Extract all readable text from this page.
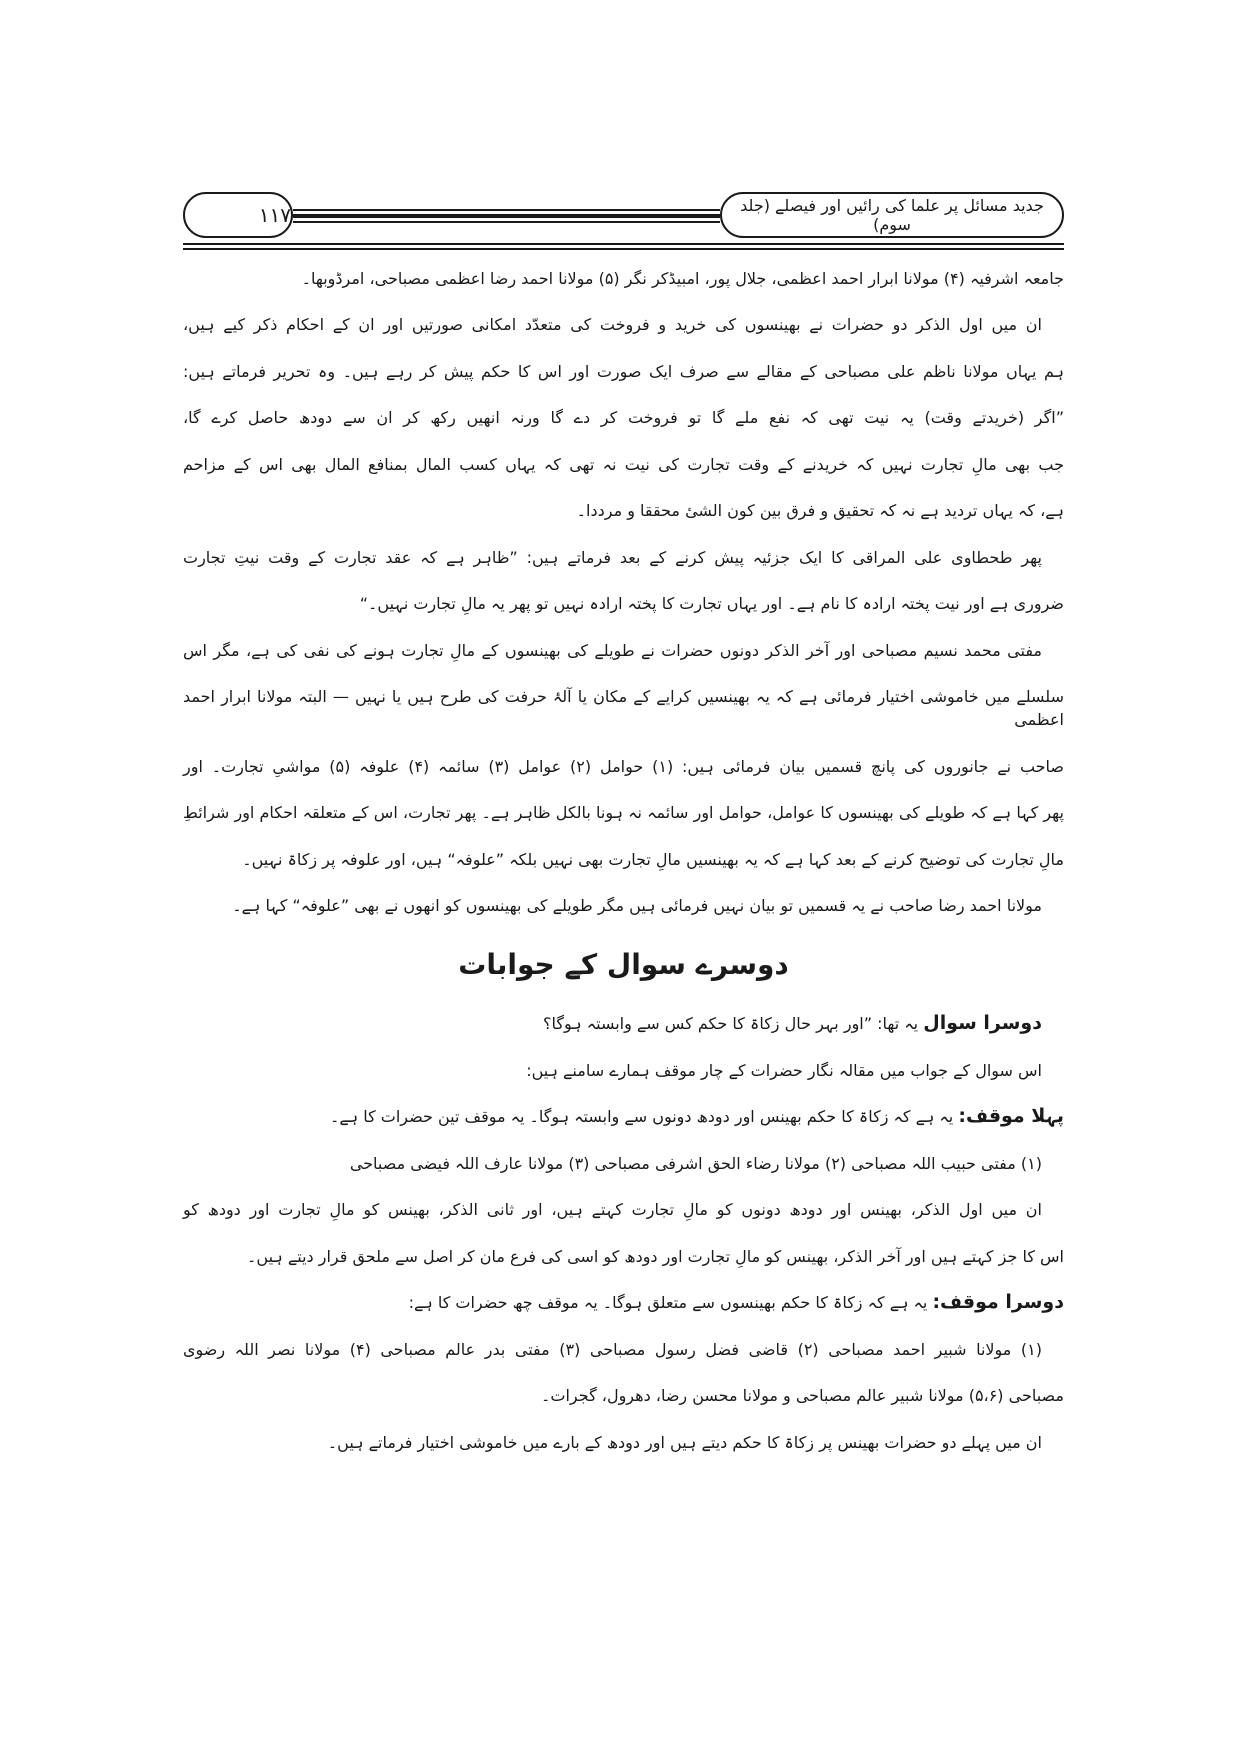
جدید مسائل پر علما کی رائیں اور فیصلے (جلد سوم)
۱۱۷
جامعہ اشرفیہ (۴) مولانا ابرار احمد اعظمی، جلال پور، امبیڈکر نگر (۵) مولانا احمد رضا اعظمی مصباحی، امرڈوبھا۔
ان میں اول الذکر دو حضرات نے بھینسوں کی خرید و فروخت کی متعدّد امکانی صورتیں اور ان کے احکام ذکر کیے ہیں،
ہم یہاں مولانا ناظم علی مصباحی کے مقالے سے صرف ایک صورت اور اس کا حکم پیش کر رہے ہیں۔ وہ تحریر فرماتے ہیں:
”اگر (خریدتے وقت) یہ نیت تھی کہ نفع ملے گا تو فروخت کر دے گا ورنہ انھیں رکھ کر ان سے دودھ حاصل کرے گا،
جب بھی مالِ تجارت نہیں کہ خریدنے کے وقت تجارت کی نیت نہ تھی کہ یہاں کسب المال بمنافع المال بھی اس کے مزاحم
ہے، کہ یہاں تردید ہے نہ کہ تحقیق و فرق بین کون الشیٔ محققا و مرددا۔
پھر طحطاوی علی المراقی کا ایک جزئیہ پیش کرنے کے بعد فرماتے ہیں: ”ظاہر ہے کہ عقد تجارت کے وقت نیتِ تجارت
ضروری ہے اور نیت پختہ ارادہ کا نام ہے۔ اور یہاں تجارت کا پختہ ارادہ نہیں تو پھر یہ مالِ تجارت نہیں۔“
مفتی محمد نسیم مصباحی اور آخر الذکر دونوں حضرات نے طویلے کی بھینسوں کے مالِ تجارت ہونے کی نفی کی ہے، مگر اس
سلسلے میں خاموشی اختیار فرمائی ہے کہ یہ بھینسیں کرایے کے مکان یا آلۂ حرفت کی طرح ہیں یا نہیں — البتہ مولانا ابرار احمد اعظمی
صاحب نے جانوروں کی پانچ قسمیں بیان فرمائی ہیں: (۱) حوامل (۲) عوامل (۳) سائمہ (۴) علوفہ (۵) مواشیِ تجارت۔ اور
پھر کہا ہے کہ طویلے کی بھینسوں کا عوامل، حوامل اور سائمہ نہ ہونا بالکل ظاہر ہے۔ پھر تجارت، اس کے متعلقہ احکام اور شرائطِ
مالِ تجارت کی توضیح کرنے کے بعد کہا ہے کہ یہ بھینسیں مالِ تجارت بھی نہیں بلکہ ”علوفہ“ ہیں، اور علوفہ پر زکاۃ نہیں۔
مولانا احمد رضا صاحب نے یہ قسمیں تو بیان نہیں فرمائی ہیں مگر طویلے کی بھینسوں کو انھوں نے بھی ”علوفہ“ کہا ہے۔
دوسرے سوال کے جوابات
دوسرا سوال یہ تھا: ”اور بہر حال زکاۃ کا حکم کس سے وابستہ ہوگا؟
اس سوال کے جواب میں مقالہ نگار حضرات کے چار موقف ہمارے سامنے ہیں:
پہلا موقف: یہ ہے کہ زکاۃ کا حکم بھینس اور دودھ دونوں سے وابستہ ہوگا۔ یہ موقف تین حضرات کا ہے۔
(۱) مفتی حبیب اللہ مصباحی (۲) مولانا رضاء الحق اشرفی مصباحی (۳) مولانا عارف اللہ فیضی مصباحی
ان میں اول الذکر، بھینس اور دودھ دونوں کو مالِ تجارت کہتے ہیں، اور ثانی الذکر، بھینس کو مالِ تجارت اور دودھ کو
اس کا جز کہتے ہیں اور آخر الذکر، بھینس کو مالِ تجارت اور دودھ کو اسی کی فرع مان کر اصل سے ملحق قرار دیتے ہیں۔
دوسرا موقف: یہ ہے کہ زکاۃ کا حکم بھینسوں سے متعلق ہوگا۔ یہ موقف چھ حضرات کا ہے:
(۱) مولانا شبیر احمد مصباحی (۲) قاضی فضل رسول مصباحی (۳) مفتی بدر عالم مصباحی (۴) مولانا نصر اللہ رضوی
مصباحی (۵،۶) مولانا شبیر عالم مصباحی و مولانا محسن رضا، دھرول، گجرات۔
ان میں پہلے دو حضرات بھینس پر زکاۃ کا حکم دیتے ہیں اور دودھ کے بارے میں خاموشی اختیار فرماتے ہیں۔
